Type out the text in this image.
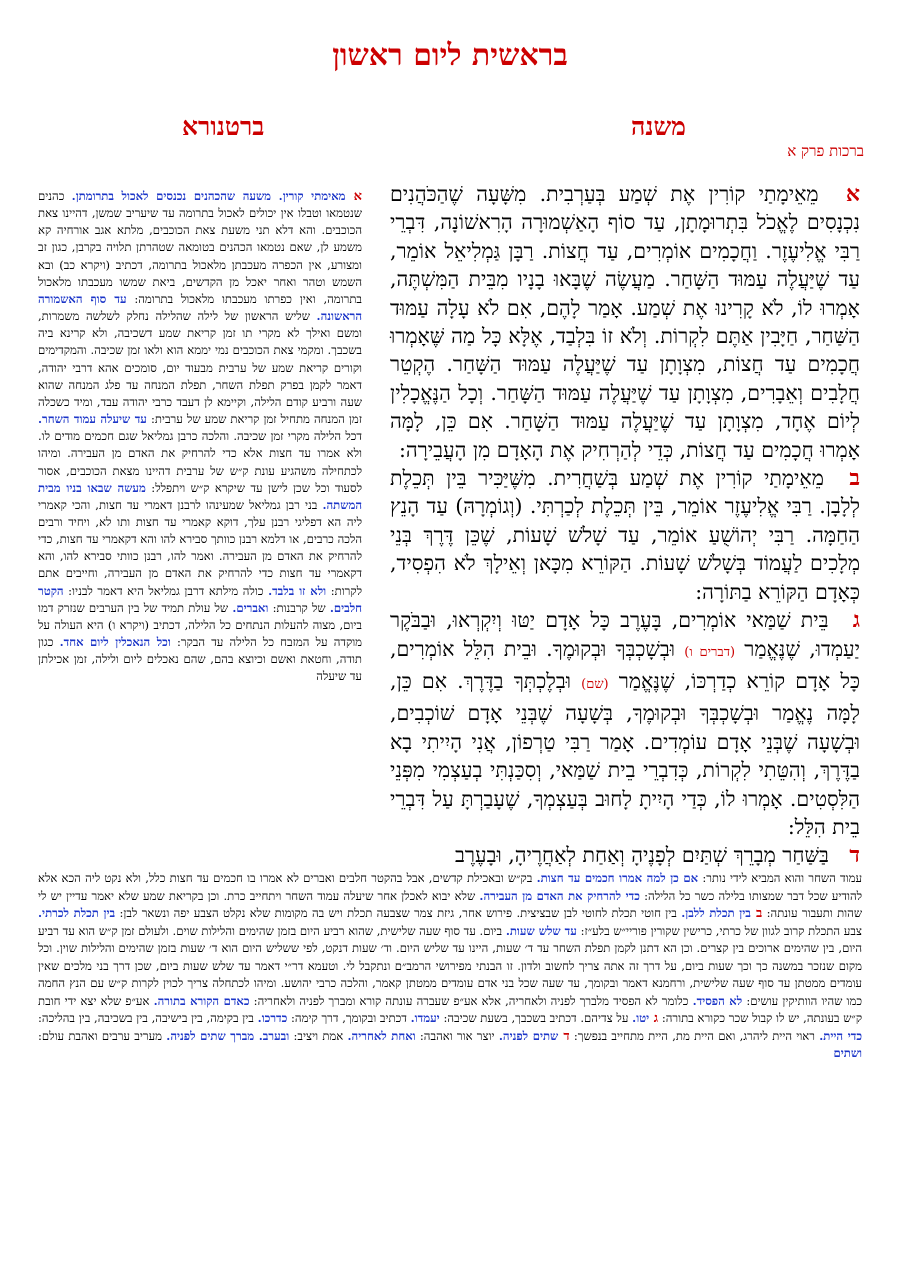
בראשית ליום ראשון
משנה
ברטנורא
ברכות פרק א

א מֵאֵימָתַי קוֹרִין אֶת שְׁמַע בְּעַרְבִית. מִשָּׁעָה שֶׁהַכֹּהֲנִים נִכְנָסִים לֶאֱכֹל בִּתְרוּמָתָן, עַד סוֹף הָאַשְׁמוּרָה הָרִאשׁוֹנָה, דִּבְרֵי רַבִּי אֱלִיעֶזֶר. וַחֲכָמִים אוֹמְרִים, עַד חֲצוֹת. רַבָּן גַּמְלִיאֵל אוֹמֵר, עַד שֶׁיַּעֲלֶה עַמּוּד הַשָּׁחַר. מַעֲשֶׂה שֶׁבָּאוּ בָנָיו מִבֵּית הַמִּשְׁתֶּה, אָמְרוּ לוֹ, לֹא קָרִינוּ אֶת שְׁמַע. אָמַר לָהֶם, אִם לֹא עָלָה עַמּוּד הַשַּׁחַר, חַיָּבִין אַתֶּם לִקְרוֹת. וְלֹא זוֹ בִּלְבַד, אֶלָּא כָּל מַה שֶּׁאָמְרוּ חֲכָמִים עַד חֲצוֹת, מִצְוָתָן עַד שֶׁיַּעֲלֶה עַמּוּד הַשָּׁחַר. הֶקְטֵר חֲלָבִים וְאֵבָרִים, מִצְוָתָן עַד שֶׁיַּעֲלֶה עַמּוּד הַשָּׁחַר. וְכָל הַנֶּאֱכָלִין לְיוֹם אֶחָד, מִצְוָתָן עַד שֶׁיַּעֲלֶה עַמּוּד הַשָּׁחַר. אִם כֵּן, לָמָּה אָמְרוּ חֲכָמִים עַד חֲצוֹת, כְּדֵי לְהַרְחִיק אֶת הָאָדָם מִן הָעֲבֵירָה:

ב מֵאֵימָתַי קוֹרִין אֶת שְׁמַע בְּשַׁחֲרִית. מִשֶּׁיַּכִּיר בֵּין תְּכֵלֶת לְלָבָן. רַבִּי אֱלִיעֶזֶר אוֹמֵר, בֵּין תְּכֵלֶת לְכַרְתִּי. (וְגוֹמְרָהּ) עַד הָנֵץ הַחַמָּה. רַבִּי יְהוֹשֻׁעַ אוֹמֵר, עַד שָׁלֹשׁ שָׁעוֹת, שֶׁכֵּן דֶּרֶךְ בְּנֵי מְלָכִים לַעֲמוֹד בְּשָׁלֹשׁ שָׁעוֹת. הַקּוֹרֵא מִכָּאן וְאֵילָךְ לֹא הִפְסִיד, כְּאָדָם הַקּוֹרֵא בַתּוֹרָה:

ג בֵּית שַׁמַּאי אוֹמְרִים, בָּעֶרֶב כָּל אָדָם יַטּוּ וְיִקְרְאוּ, וּבַבֹּקֶר יַעַמְדוּ, שֶׁנֶּאֱמַר (דברים ו) וּבְשָׁכְבְּךָ וּבְקוּמֶךָ. וּבֵית הִלֵּל אוֹמְרִים, כָּל אָדָם קוֹרֵא כְדַרְכּוֹ, שֶׁנֶּאֱמַר (שם) וּבְלֶכְתְּךָ בַדֶּרֶךְ. אִם כֵּן, לָמָּה נֶאֱמַר וּבְשָׁכְבְּךָ וּבְקוּמֶךָ, בְּשָׁעָה שֶׁבְּנֵי אָדָם שׁוֹכְבִים, וּבְשָׁעָה שֶׁבְּנֵי אָדָם עוֹמְדִים. אָמַר רַבִּי טַרְפוֹן, אֲנִי הָיִיתִי בָא בַדֶּרֶךְ, וְהִטֵּתִי לִקְרוֹת, כְּדִבְרֵי בֵית שַׁמַּאי, וְסִכַּנְתִּי בְעַצְמִי מִפְּנֵי הַלִּסְטִים. אָמְרוּ לוֹ, כְּדַי הָיִיתָ לָחוּב בְּעַצְמְךָ, שֶׁעָבַרְתָּ עַל דִּבְרֵי בֵית הִלֵּל:

ד בַּשַּׁחַר מְבָרֵךְ שְׁתַּיִם לְפָנֶיהָ וְאַחַת לְאַחֲרֶיהָ, וּבָעֶרֶב

א מאימתי קורין. משעה שהכהנים נכנסים לאכול בתרומתן. כהנים שנטמאו וטבלו אין יכולים לאכול בתרומה עד שיעריב שמשן, דהיינו צאת הכוכבים. והא דלא תני משעת צאת הכוכבים, מלתא אגב אורחיה קא משמע לן, שאם נטמאו הכהנים בטומאה שטהרתן תלויה בקרבן, כגון זב ומצורע, אין הכפרה מעכבתן מלאכול בתרומה, דכתיב (ויקרא כב) ובא השמש וטהר ואחר יאכל מן הקדשים, ביאת שמשו מעכבתו מלאכול בתרומה, ואין כפרתו מעכבתו מלאכול בתרומה: עד סוף האשמורה הראשונה. שליש הראשון של לילה שהלילה נחלק לשלשה משמרות, ומשם ואילך לא מקרי תו זמן קריאת שמע דשכיבה, ולא קרינא ביה בשכבך. ומקמי צאת הכוכבים נמי יממא הוא ולאו זמן שכיבה. והמקדימים וקורים קריאת שמע של ערבית מבעוד יום, סומכים אהא דרבי יהודה, דאמר לקמן בפרק תפלת השחר, תפלת המנחה עד פלג המנחה שהוא שעה ורביע קודם הלילה, וקיימא לן דעבד כרבי יהודה עבד, ומיד כשכלה זמן המנחה מתחיל זמן קריאת שמע של ערבית: עד שיעלה עמוד השחר. דכל הלילה מקרי זמן שכיבה. והלכה כרבן גמליאל שגם חכמים מודים לו. ולא אמרו עד חצות אלא כדי להרחיק את האדם מן העבירה. ומיהו לכתחילה משהגיע עונת ק״ש של ערבית דהיינו מצאת הכוכבים, אסור לסעוד וכל שכן לישן עד שיקרא ק״ש ויתפלל: מעשה שבאו בניו מבית המשתה. בני רבן גמליאל שמעינהו לרבנן דאמרי עד חצות, והכי קאמרי ליה הא דפליגי רבנן עלך, דוקא קאמרי עד חצות ותו לא, ויחיד ורבים הלכה כרבים, או דלמא רבנן כוותך סבירא להו והא דקאמרי עד חצות, כדי להרחיק את האדם מן העבירה. ואמר להו, רבנן כוותי סבירא להו, והא דקאמרי עד חצות כדי להרחיק את האדם מן העבירה, וחייבים אתם לקרות: ולא זו בלבד. כולה מילתא דרבן גמליאל היא דאמר לבניו: הקטר חלבים. של קרבנות: ואברים. של עולת תמיד של בין הערבים שנזרק דמו ביום, מצוה להעלות הנתחים כל הלילה, דכתיב (ויקרא ו) היא העולה על מוקדה על המזבח כל הלילה עד הבקר: וכל הנאכלין ליום אחד. כגון תודה, וחטאת ואשם וכיוצא בהם, שהם נאכלים ליום ולילה, זמן אכילתן עד שיעלה

עמוד השחר והוא המביא לידי נותר: אם כן למה אמרו חכמים עד חצות. בק״ש ובאכילת קדשים, אבל בהקטר חלבים ואברים לא אמרו בו חכמים עד חצות כלל, ולא נקט ליה הכא אלא להודיע שכל דבר שמצותו בלילה כשר כל הלילה: כדי להרחיק את האדם מן העבירה. שלא יבוא לאכלן אחר שיעלה עמוד השחר ויתחייב כרת. וכן בקריאת שמע שלא יאמר עדיין יש לי שהות ותעבור עונתה: ב בין תכלת ללבן. בין חוטי תכלת לחוטי לבן שבציצית. פירוש אחר, גיזת צמר שצבעה תכלת ויש בה מקומות שלא נקלט הצבע יפה ונשאר לבן: בין תכלת לכרתי. צבע התכלת קרוב לגוון של כרתי, כרישין שקורין פוריי״ש בלע״ז: עד שלש שעות. ביום. עד סוף שעה שלישית, שהוא רביע היום בזמן שהימים והלילות שוים. ולעולם זמן ק״ש הוא עד רביע היום, בין שהימים ארוכים בין קצרים. וכן הא דתנן לקמן תפלת השחר עד ד׳ שעות, היינו עד שליש היום. וד׳ שעות דנקט, לפי ששליש היום הוא ד׳ שעות בזמן שהימים והלילות שוין. וכל מקום שנזכר במשנה כך וכך שעות ביום, על דרך זה אתה צריך לחשוב ולדון. זו הבנתי מפירושי הרמב״ם ונתקבל לי. וטעמא דר״י דאמר עד שלש שעות ביום, שכן דרך בני מלכים שאין עומדים ממטתן עד סוף שעה שלישית, ורחמנא דאמר ובקומך, עד שעה שכל בני אדם עומדים ממטתן קאמר, והלכה כרבי יהושע. ומיהו לכתחלה צריך לכוין לקרות ק״ש עם הנץ החמה כמו שהיו הוותיקין עושים: לא הפסיד. כלומר לא הפסיד מלברך לפניה ולאחריה, אלא אע״פ שעברה עונתה קורא ומברך לפניה ולאחריה: כאדם הקורא בתורה. אע״פ שלא יצא ידי חובת ק״ש בעונתה, יש לו קבול שכר כקורא בתורה: ג יטו. על צדיהם. דכתיב בשכבך, בשעת שכיבה: יעמדו. דכתיב ובקומך, דרך קימה: כדרכו. בין בקימה, בין בישיבה, בין בשכיבה, בין בהליכה: כדי היית. ראוי היית ליהרג, ואם היית מת, היית מתחייב בנפשך: ד שתים לפניה. יוצר אור ואהבה: ואחת לאחריה. אמת ויציב: ובערב. מברך שתים לפניה. מעריב ערבים ואהבת עולם: ושתים
